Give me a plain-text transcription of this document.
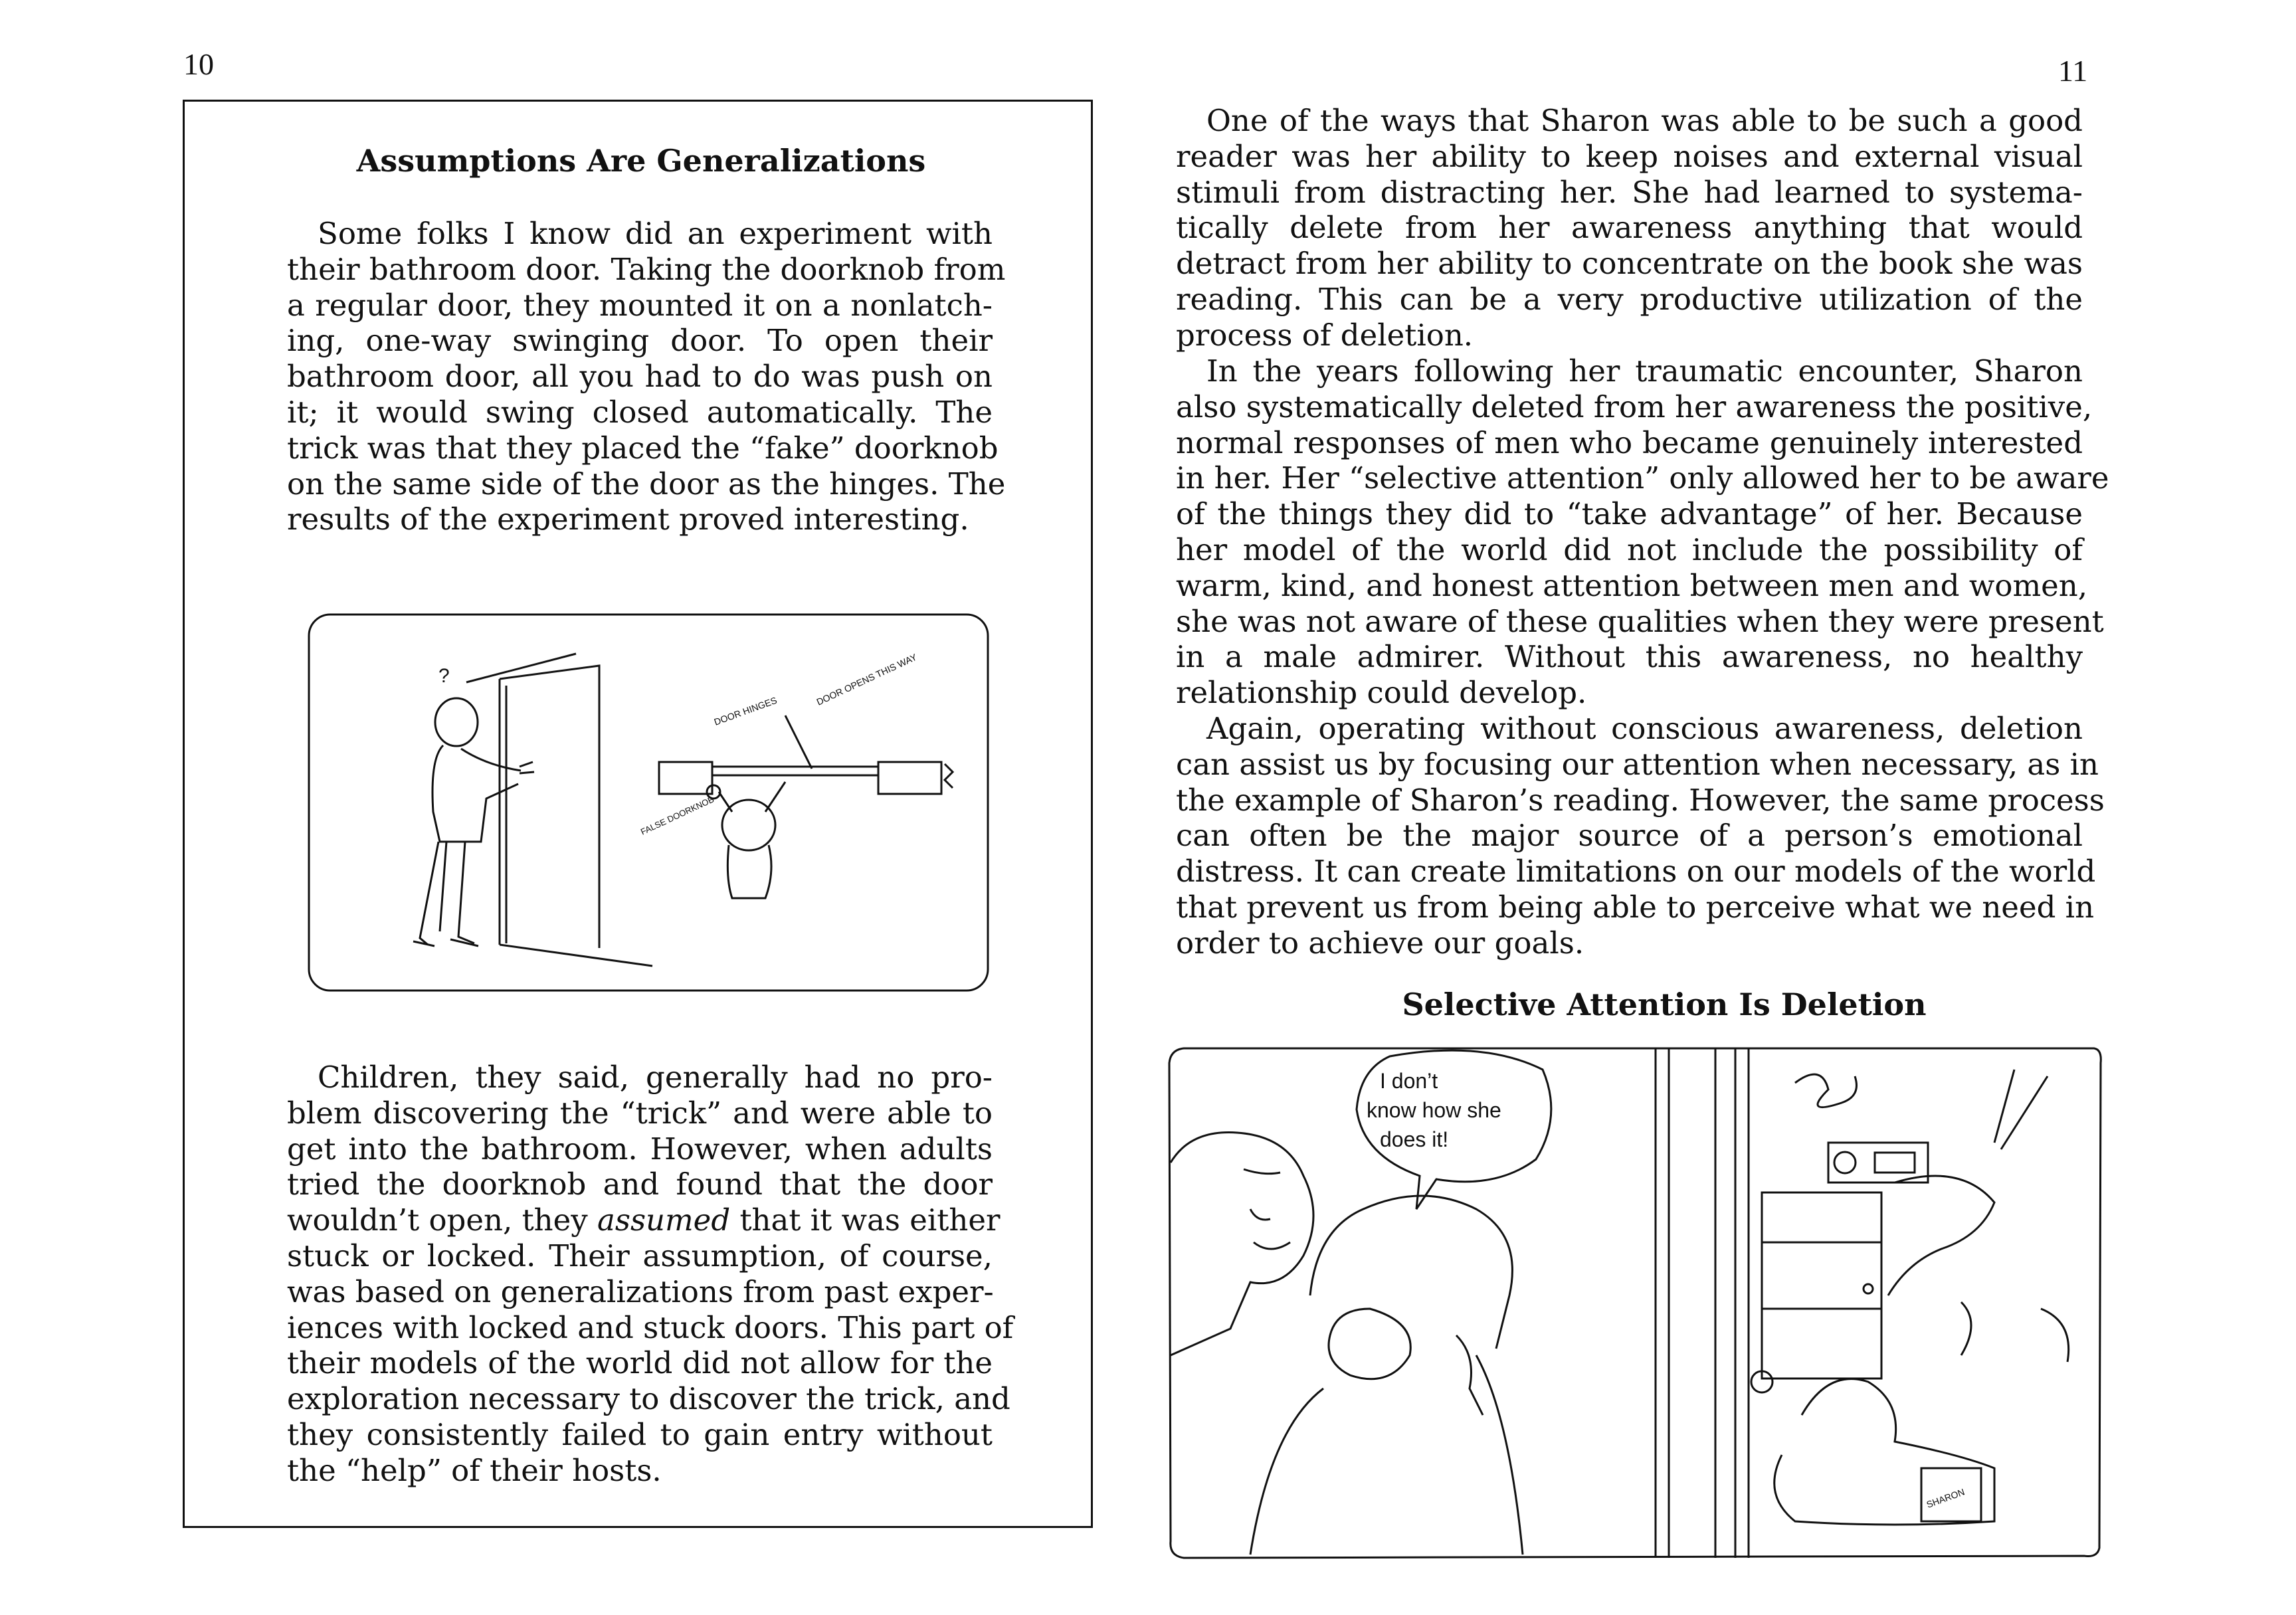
10
Assumptions Are Generalizations
Some folks I know did an experiment with
their bathroom door. Taking the doorknob from
a regular door, they mounted it on a nonlatch-
ing, one-way swinging door. To open their
bathroom door, all you had to do was push on
it; it would swing closed automatically. The
trick was that they placed the “fake” doorknob
on the same side of the door as the hinges. The
results of the experiment proved interesting.
?
DOOR HINGES
DOOR OPENS THIS WAY
FALSE DOORKNOB
Children, they said, generally had no pro-
blem discovering the “trick” and were able to
get into the bathroom. However, when adults
tried the doorknob and found that the door
wouldn’t open, they assumed that it was either
stuck or locked. Their assumption, of course,
was based on generalizations from past exper-
iences with locked and stuck doors. This part of
their models of the world did not allow for the
exploration necessary to discover the trick, and
they consistently failed to gain entry without
the “help” of their hosts.
11
One of the ways that Sharon was able to be such a good
reader was her ability to keep noises and external visual
stimuli from distracting her. She had learned to systema-
tically delete from her awareness anything that would
detract from her ability to concentrate on the book she was
reading. This can be a very productive utilization of the
process of deletion.
In the years following her traumatic encounter, Sharon
also systematically deleted from her awareness the positive,
normal responses of men who became genuinely interested
in her. Her “selective attention” only allowed her to be aware
of the things they did to “take advantage” of her. Because
her model of the world did not include the possibility of
warm, kind, and honest attention between men and women,
she was not aware of these qualities when they were present
in a male admirer. Without this awareness, no healthy
relationship could develop.
Again, operating without conscious awareness, deletion
can assist us by focusing our attention when necessary, as in
the example of Sharon’s reading. However, the same process
can often be the major source of a person’s emotional
distress. It can create limitations on our models of the world
that prevent us from being able to perceive what we need in
order to achieve our goals.
Selective Attention Is Deletion
I don’t
know how she
does it!
SHARON
